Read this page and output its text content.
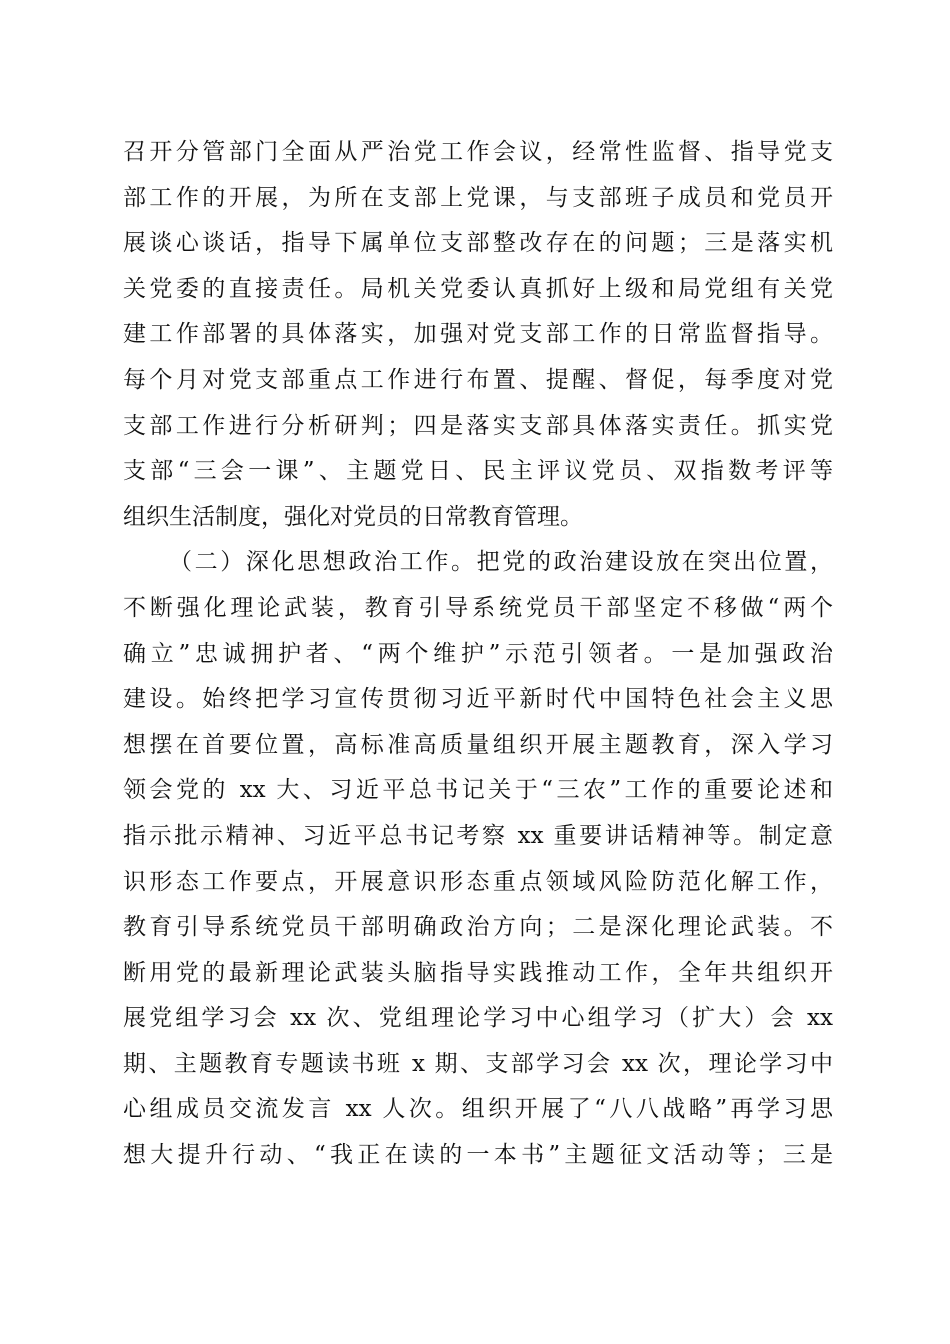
召开分管部门全面从严治党工作会议，经常性监督、指导党支
部工作的开展，为所在支部上党课，与支部班子成员和党员开
展谈心谈话，指导下属单位支部整改存在的问题；三是落实机
关党委的直接责任。局机关党委认真抓好上级和局党组有关党
建工作部署的具体落实，加强对党支部工作的日常监督指导。
每个月对党支部重点工作进行布置、提醒、督促，每季度对党
支部工作进行分析研判；四是落实支部具体落实责任。抓实党
支部“三会一课”、主题党日、民主评议党员、双指数考评等
组织生活制度，强化对党员的日常教育管理。
（二）深化思想政治工作。把党的政治建设放在突出位置，
不断强化理论武装，教育引导系统党员干部坚定不移做“两个
确立”忠诚拥护者、“两个维护”示范引领者。一是加强政治
建设。始终把学习宣传贯彻习近平新时代中国特色社会主义思
想摆在首要位置，高标准高质量组织开展主题教育，深入学习
领会党的 xx 大、习近平总书记关于“三农”工作的重要论述和
指示批示精神、习近平总书记考察 xx 重要讲话精神等。制定意
识形态工作要点，开展意识形态重点领域风险防范化解工作，
教育引导系统党员干部明确政治方向；二是深化理论武装。不
断用党的最新理论武装头脑指导实践推动工作，全年共组织开
展党组学习会 xx 次、党组理论学习中心组学习（扩大）会 xx
期、主题教育专题读书班 x 期、支部学习会 xx 次，理论学习中
心组成员交流发言 xx 人次。组织开展了“八八战略”再学习思
想大提升行动、“我正在读的一本书”主题征文活动等；三是
